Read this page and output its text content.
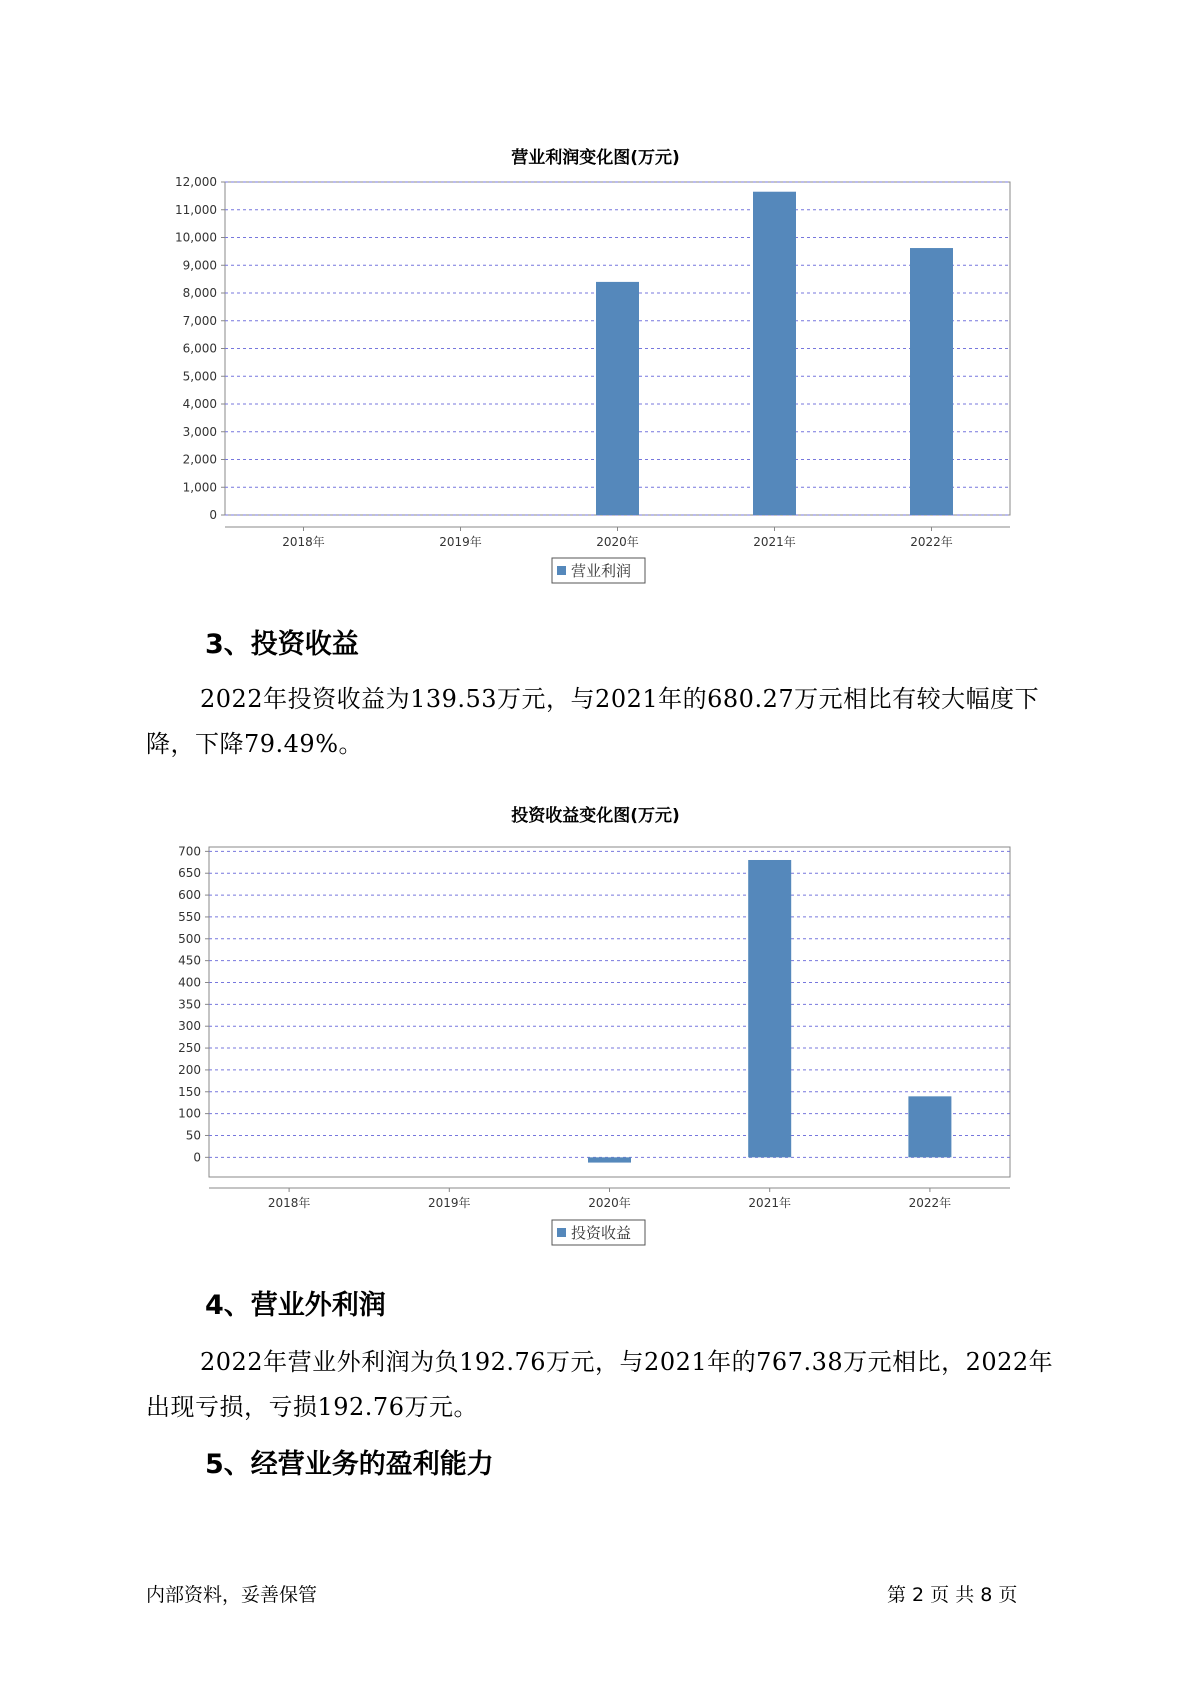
营业利润变化图(万元)
0
1,000
2,000
3,000
4,000
5,000
6,000
7,000
8,000
9,000
10,000
11,000
12,000
2018年	2019年	2020年	2021年	2022年
营业利润
3、投资收益

2022年投资收益为139.53万元，与2021年的680.27万元相比有较大幅度下降，下降79.49%。

投资收益变化图(万元)
0
50
100
150
200
250
300
350
400
450
500
550
600
650
700
2018年	2019年	2020年	2021年	2022年
投资收益
4、营业外利润

2022年营业外利润为负192.76万元，与2021年的767.38万元相比，2022年出现亏损，亏损192.76万元。

5、经营业务的盈利能力
内部资料，妥善保管	第 2 页 共 8 页
